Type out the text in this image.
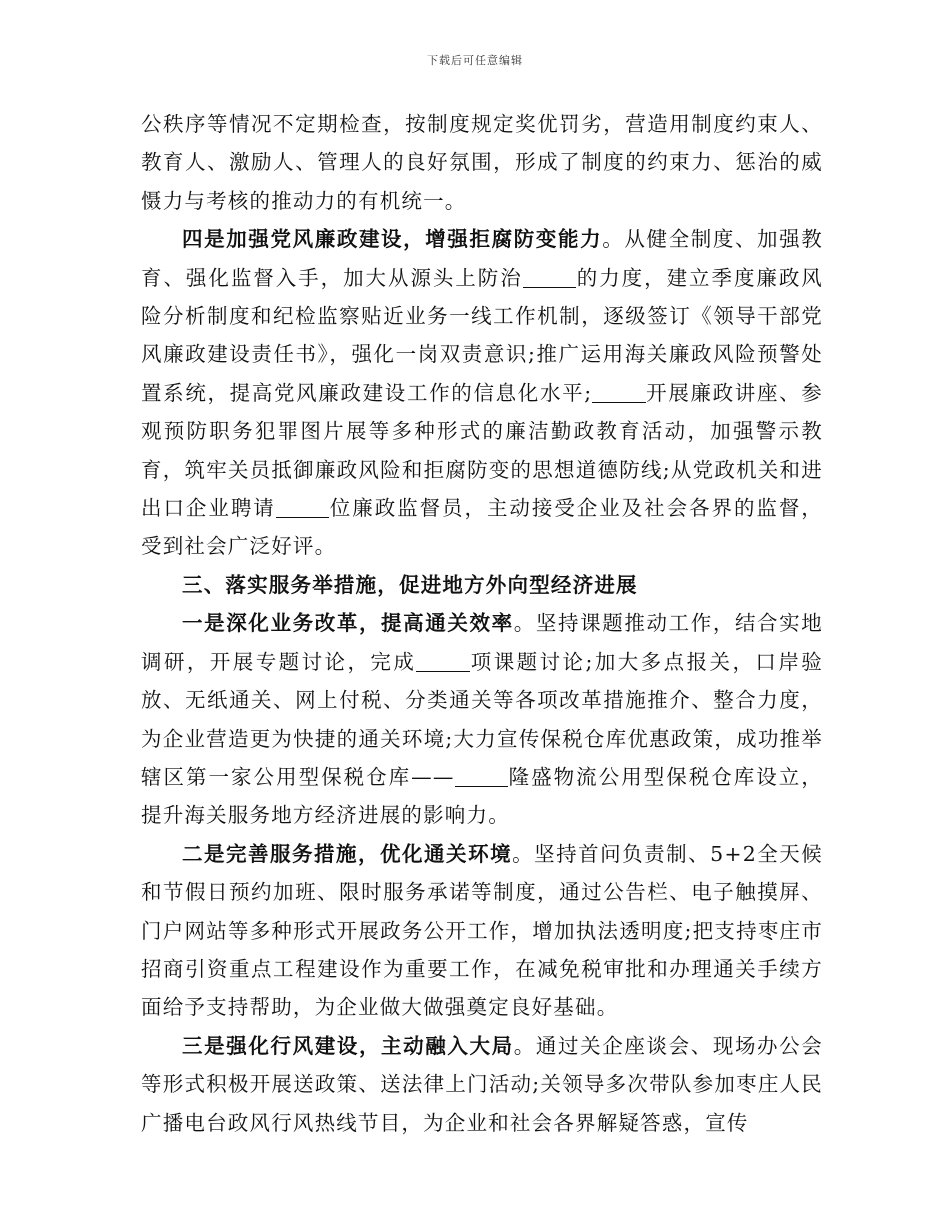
下载后可任意编辑

公秩序等情况不定期检查，按制度规定奖优罚劣，营造用制度约束人、教育人、激励人、管理人的良好氛围，形成了制度的约束力、惩治的威慑力与考核的推动力的有机统一。

四是加强党风廉政建设，增强拒腐防变能力。从健全制度、加强教育、强化监督入手，加大从源头上防治	的力度，建立季度廉政风险分析制度和纪检监察贴近业务一线工作机制，逐级签订《领导干部党风廉政建设责任书》，强化一岗双责意识;推广运用海关廉政风险预警处置系统，提高党风廉政建设工作的信息化水平;	开展廉政讲座、参观预防职务犯罪图片展等多种形式的廉洁勤政教育活动，加强警示教育，筑牢关员抵御廉政风险和拒腐防变的思想道德防线;从党政机关和进出口企业聘请	位廉政监督员，主动接受企业及社会各界的监督，受到社会广泛好评。

三、落实服务举措施，促进地方外向型经济进展

一是深化业务改革，提高通关效率。坚持课题推动工作，结合实地调研，开展专题讨论，完成	项课题讨论;加大多点报关，口岸验放、无纸通关、网上付税、分类通关等各项改革措施推介、整合力度，为企业营造更为快捷的通关环境;大力宣传保税仓库优惠政策，成功推举辖区第一家公用型保税仓库——	隆盛物流公用型保税仓库设立，提升海关服务地方经济进展的影响力。

二是完善服务措施，优化通关环境。坚持首问负责制、5+2全天候和节假日预约加班、限时服务承诺等制度，通过公告栏、电子触摸屏、门户网站等多种形式开展政务公开工作，增加执法透明度;把支持枣庄市招商引资重点工程建设作为重要工作，在减免税审批和办理通关手续方面给予支持帮助，为企业做大做强奠定良好基础。

三是强化行风建设，主动融入大局。通过关企座谈会、现场办公会等形式积极开展送政策、送法律上门活动;关领导多次带队参加枣庄人民广播电台政风行风热线节目，为企业和社会各界解疑答惑，宣传
